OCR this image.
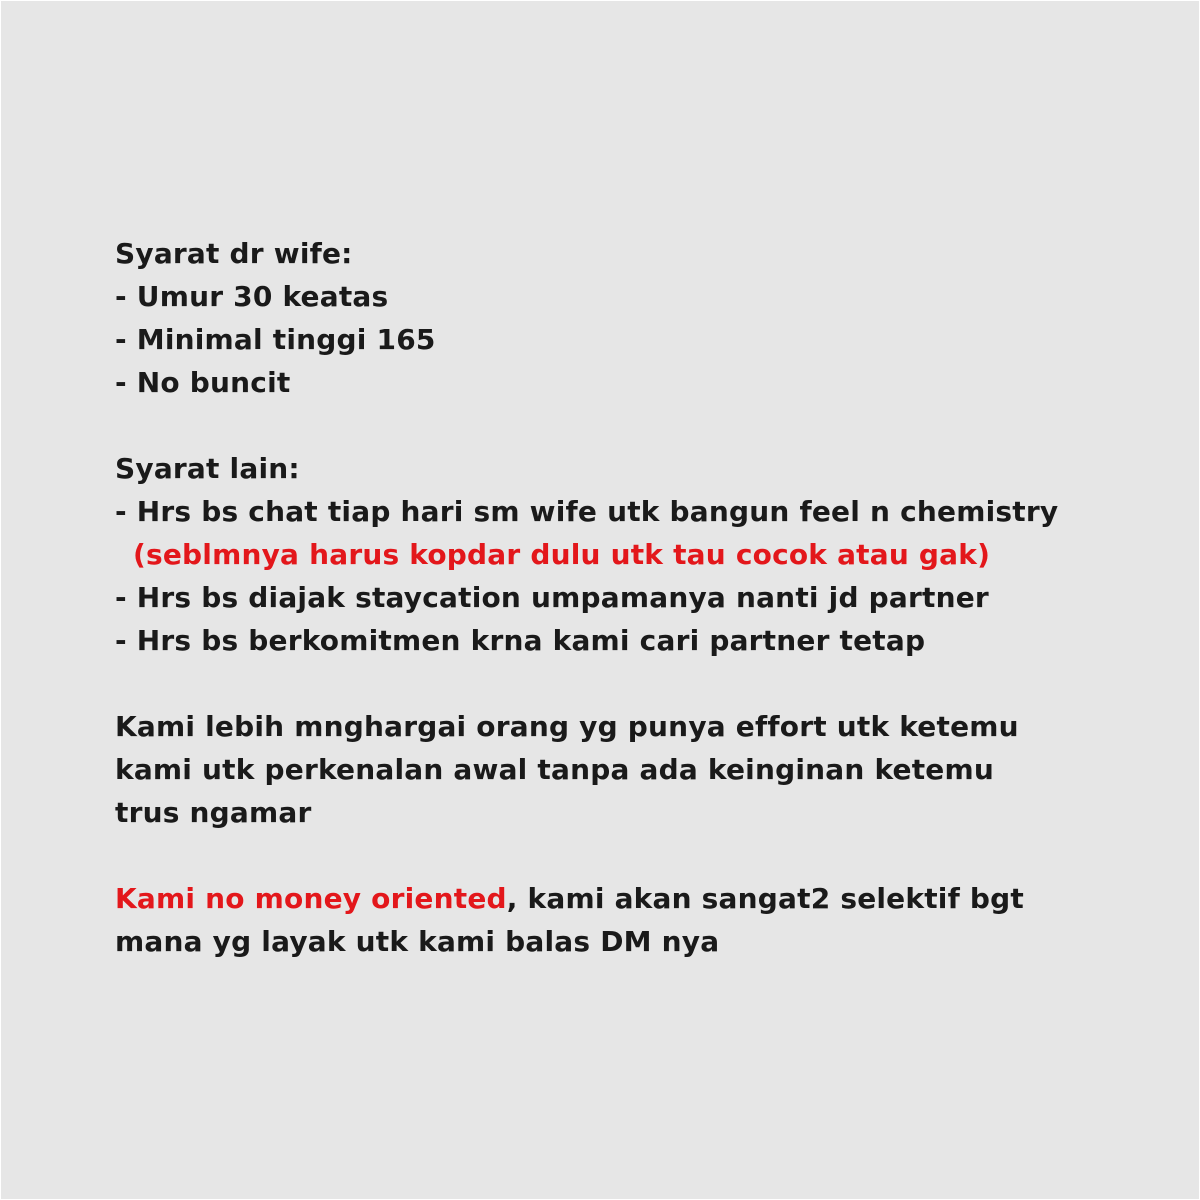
Syarat dr wife:
- Umur 30 keatas
- Minimal tinggi 165
- No buncit
Syarat lain:
- Hrs bs chat tiap hari sm wife utk bangun feel n chemistry
(seblmnya harus kopdar dulu utk tau cocok atau gak)
- Hrs bs diajak staycation umpamanya nanti jd partner
- Hrs bs berkomitmen krna kami cari partner tetap
Kami lebih mnghargai orang yg punya effort utk ketemu
kami utk perkenalan awal tanpa ada keinginan ketemu
trus ngamar
Kami no money oriented, kami akan sangat2 selektif bgt
mana yg layak utk kami balas DM nya
